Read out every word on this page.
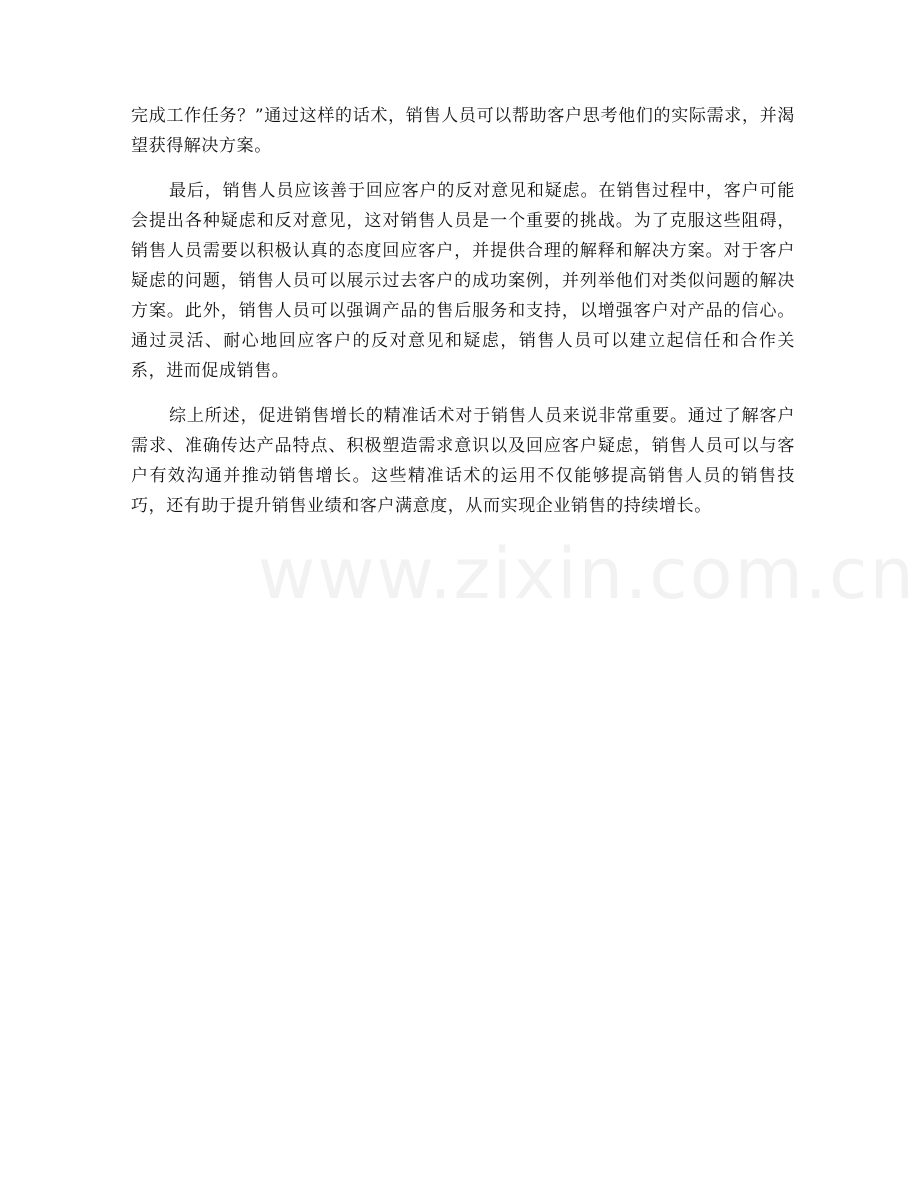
完成工作任务？”通过这样的话术，销售人员可以帮助客户思考他们的实际需求，并渴望获得解决方案。

最后，销售人员应该善于回应客户的反对意见和疑虑。在销售过程中，客户可能会提出各种疑虑和反对意见，这对销售人员是一个重要的挑战。为了克服这些阻碍，销售人员需要以积极认真的态度回应客户，并提供合理的解释和解决方案。对于客户疑虑的问题，销售人员可以展示过去客户的成功案例，并列举他们对类似问题的解决方案。此外，销售人员可以强调产品的售后服务和支持，以增强客户对产品的信心。通过灵活、耐心地回应客户的反对意见和疑虑，销售人员可以建立起信任和合作关系，进而促成销售。

综上所述，促进销售增长的精准话术对于销售人员来说非常重要。通过了解客户需求、准确传达产品特点、积极塑造需求意识以及回应客户疑虑，销售人员可以与客户有效沟通并推动销售增长。这些精准话术的运用不仅能够提高销售人员的销售技巧，还有助于提升销售业绩和客户满意度，从而实现企业销售的持续增长。

www.zixin.com.cn
